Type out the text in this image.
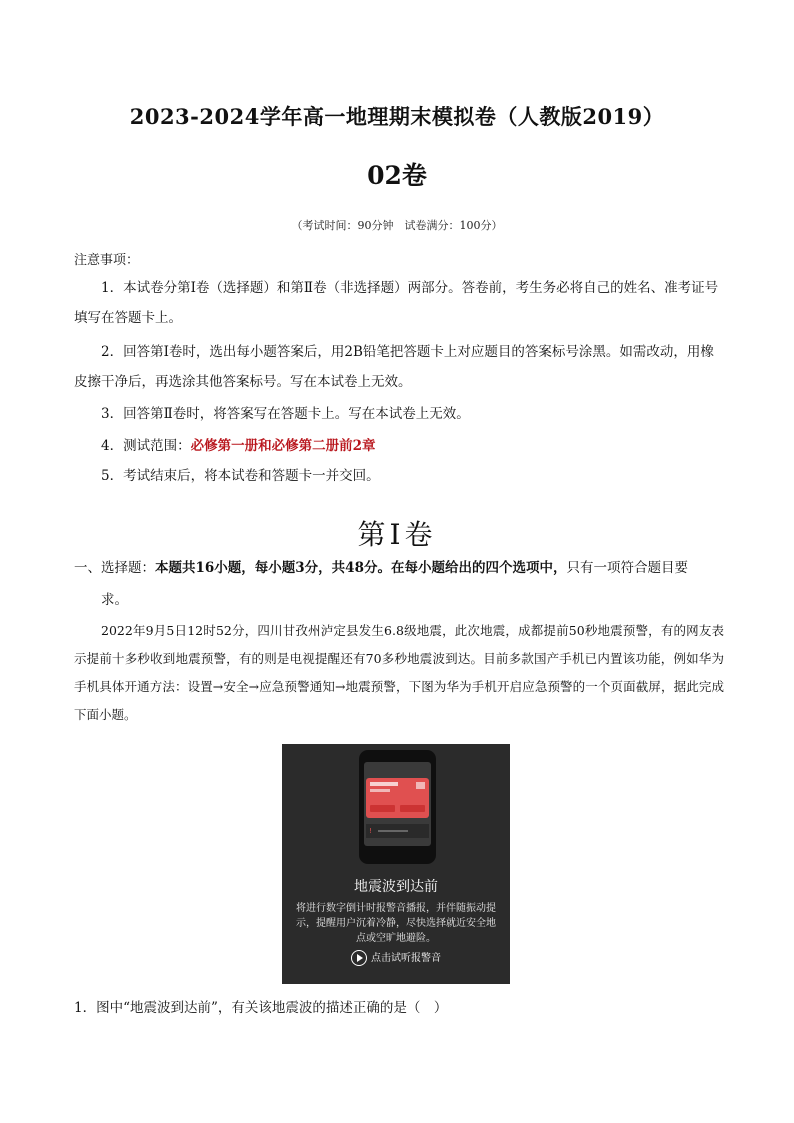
2023-2024学年高一地理期末模拟卷（人教版2019）
02卷
（考试时间：90分钟　试卷满分：100分）
注意事项：
1．本试卷分第Ⅰ卷（选择题）和第Ⅱ卷（非选择题）两部分。答卷前，考生务必将自己的姓名、准考证号填写在答题卡上。
2．回答第Ⅰ卷时，选出每小题答案后，用2B铅笔把答题卡上对应题目的答案标号涂黑。如需改动，用橡皮擦干净后，再选涂其他答案标号。写在本试卷上无效。
3．回答第Ⅱ卷时，将答案写在答题卡上。写在本试卷上无效。
4．测试范围：必修第一册和必修第二册前2章
5．考试结束后，将本试卷和答题卡一并交回。
第Ⅰ卷
一、选择题：本题共16小题，每小题3分，共48分。在每小题给出的四个选项中，只有一项符合题目要
求。
2022年9月5日12时52分，四川甘孜州泸定县发生6.8级地震，此次地震，成都提前50秒地震预警，有的网友表示提前十多秒收到地震预警，有的则是电视提醒还有70多秒地震波到达。目前多款国产手机已内置该功能，例如华为手机具体开通方法：设置→安全→应急预警通知→地震预警，下图为华为手机开启应急预警的一个页面截屏，据此完成下面小题。
!
地震波到达前
将进行数字倒计时报警音播报，并伴随振动提示，提醒用户沉着冷静，尽快选择就近安全地点或空旷地避险。
点击试听报警音
1．图中“地震波到达前”，有关该地震波的描述正确的是（　）
